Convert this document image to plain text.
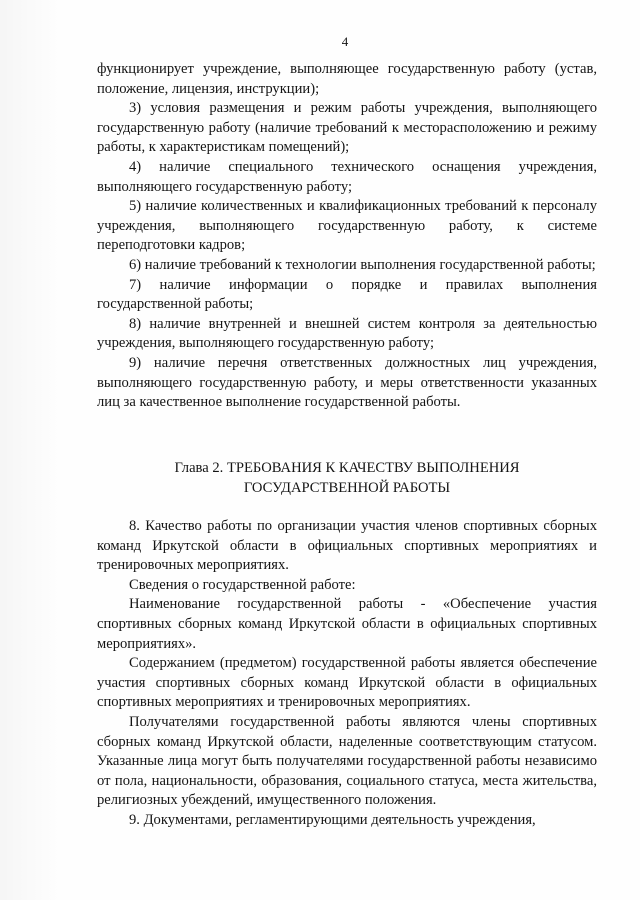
4

функционирует учреждение, выполняющее государственную работу (устав, положение, лицензия, инструкции);

3) условия размещения и режим работы учреждения, выполняющего государственную работу (наличие требований к месторасположению и режиму работы, к характеристикам помещений);

4) наличие специального технического оснащения учреждения, выполняющего государственную работу;

5) наличие количественных и квалификационных требований к персоналу учреждения, выполняющего государственную работу, к системе переподготовки кадров;

6) наличие требований к технологии выполнения государственной работы;

7) наличие информации о порядке и правилах выполнения государственной работы;

8) наличие внутренней и внешней систем контроля за деятельностью учреждения, выполняющего государственную работу;

9) наличие перечня ответственных должностных лиц учреждения, выполняющего государственную работу, и меры ответственности указанных лиц за качественное выполнение государственной работы.

Глава 2. ТРЕБОВАНИЯ К КАЧЕСТВУ ВЫПОЛНЕНИЯ
ГОСУДАРСТВЕННОЙ РАБОТЫ

8. Качество работы по организации участия членов спортивных сборных команд Иркутской области в официальных спортивных мероприятиях и тренировочных мероприятиях.

Сведения о государственной работе:

Наименование государственной работы - «Обеспечение участия спортивных сборных команд Иркутской области в официальных спортивных мероприятиях».

Содержанием (предметом) государственной работы является обеспечение участия спортивных сборных команд Иркутской области в официальных спортивных мероприятиях и тренировочных мероприятиях.

Получателями государственной работы являются члены спортивных сборных команд Иркутской области, наделенные соответствующим статусом. Указанные лица могут быть получателями государственной работы независимо от пола, национальности, образования, социального статуса, места жительства, религиозных убеждений, имущественного положения.

9. Документами, регламентирующими деятельность учреждения,
